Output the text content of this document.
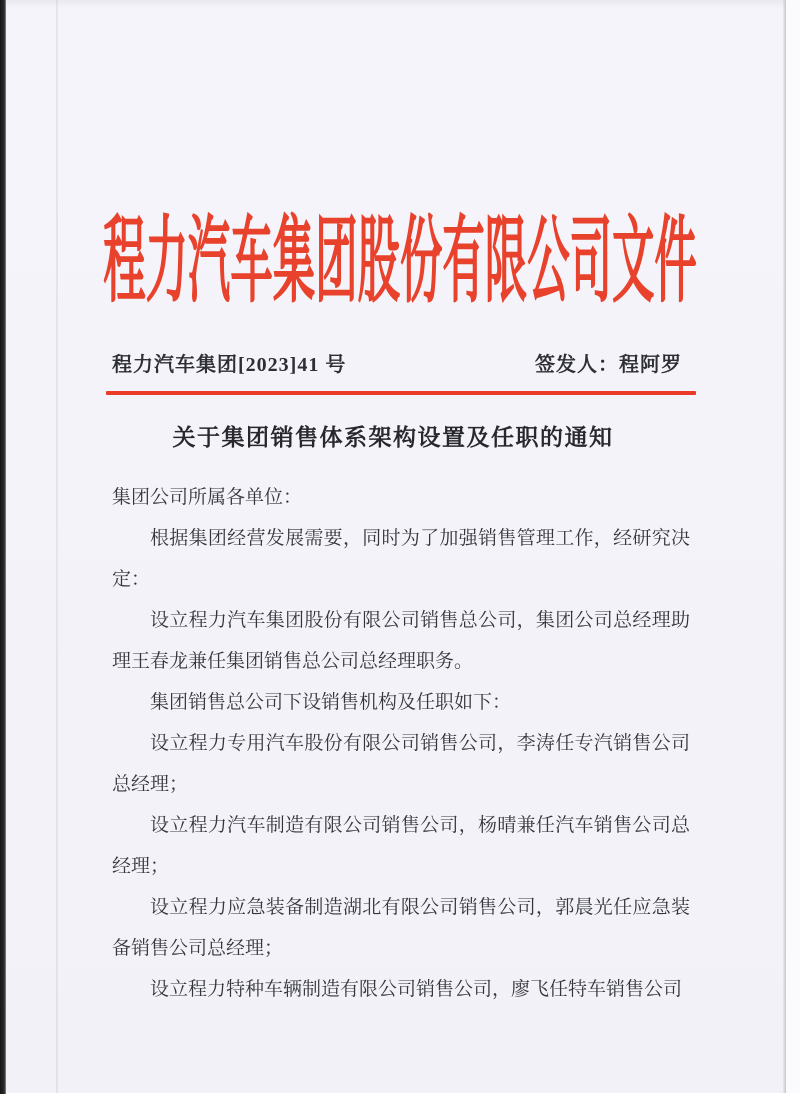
程力汽车集团股份有限公司文件
程力汽车集团[2023]41 号	签发人：程阿罗
关于集团销售体系架构设置及任职的通知

集团公司所属各单位：

根据集团经营发展需要，同时为了加强销售管理工作，经研究决定：

设立程力汽车集团股份有限公司销售总公司，集团公司总经理助理王春龙兼任集团销售总公司总经理职务。

集团销售总公司下设销售机构及任职如下：

设立程力专用汽车股份有限公司销售公司，李涛任专汽销售公司总经理；

设立程力汽车制造有限公司销售公司，杨晴兼任汽车销售公司总经理；

设立程力应急装备制造湖北有限公司销售公司，郭晨光任应急装备销售公司总经理；

设立程力特种车辆制造有限公司销售公司，廖飞任特车销售公司
